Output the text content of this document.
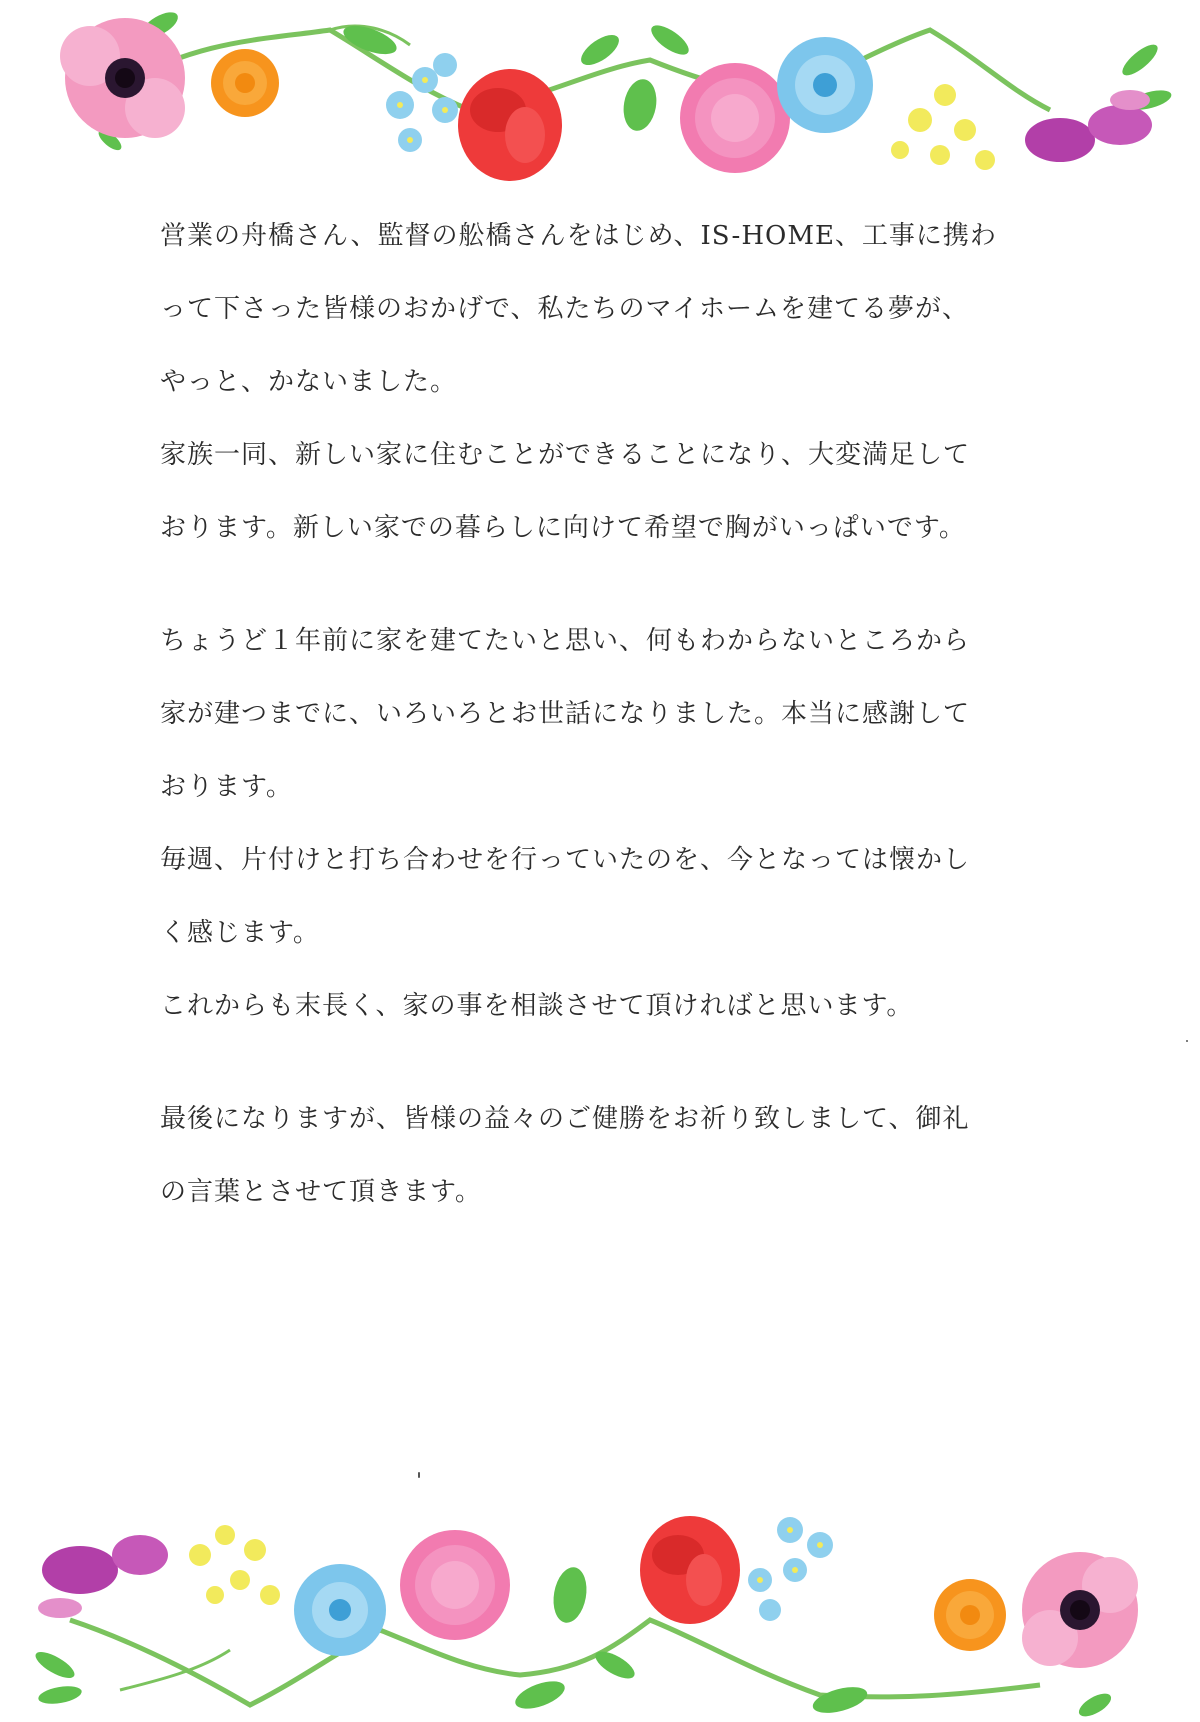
営業の舟橋さん、監督の舩橋さんをはじめ、IS-HOME、工事に携わ
って下さった皆様のおかげで、私たちのマイホームを建てる夢が、
やっと、かないました。
家族一同、新しい家に住むことができることになり、大変満足して
おります。新しい家での暮らしに向けて希望で胸がいっぱいです。
ちょうど１年前に家を建てたいと思い、何もわからないところから
家が建つまでに、いろいろとお世話になりました。本当に感謝して
おります。
毎週、片付けと打ち合わせを行っていたのを、今となっては懐かし
く感じます。
これからも末長く、家の事を相談させて頂ければと思います。
最後になりますが、皆様の益々のご健勝をお祈り致しまして、御礼
の言葉とさせて頂きます。
